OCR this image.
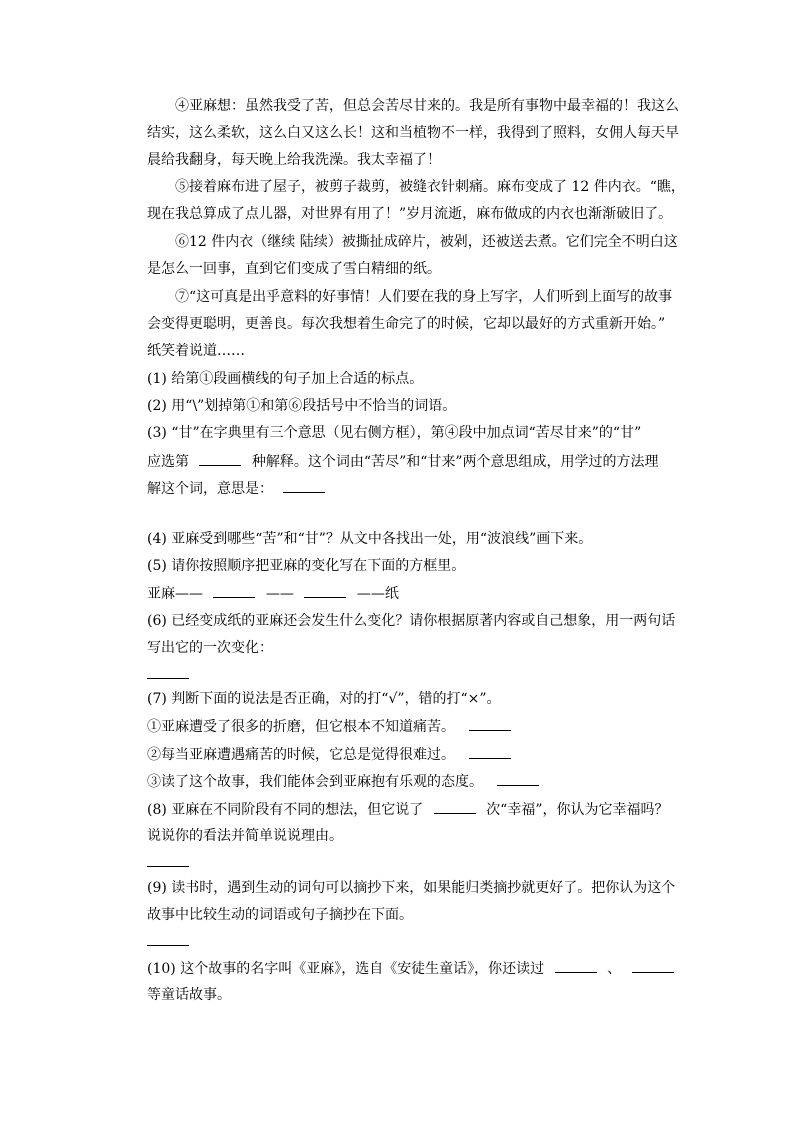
④亚麻想：虽然我受了苦，但总会苦尽甘来的。我是所有事物中最幸福的！我这么
结实，这么柔软，这么白又这么长！这和当植物不一样，我得到了照料，女佣人每天早
晨给我翻身，每天晚上给我洗澡。我太幸福了！
⑤接着麻布进了屋子，被剪子裁剪，被缝衣针刺痛。麻布变成了 12 件内衣。“瞧，
现在我总算成了点儿器，对世界有用了！”岁月流逝，麻布做成的内衣也渐渐破旧了。
⑥12 件内衣（继续 陆续）被撕扯成碎片，被剁，还被送去煮。它们完全不明白这
是怎么一回事，直到它们变成了雪白精细的纸。
⑦“这可真是出乎意料的好事情！人们要在我的身上写字，人们听到上面写的故事
会变得更聪明，更善良。每次我想着生命完了的时候，它却以最好的方式重新开始。”
纸笑着说道……
(1) 给第①段画横线的句子加上合适的标点。
(2) 用“\”划掉第①和第⑥段括号中不恰当的词语。
(3) “甘”在字典里有三个意思（见右侧方框），第④段中加点词“苦尽甘来”的“甘”
应选第	种解释。这个词由“苦尽”和“甘来”两个意思组成，用学过的方法理
解这个词，意思是：
(4) 亚麻受到哪些“苦”和“甘”？从文中各找出一处，用“波浪线”画下来。
(5) 请你按照顺序把亚麻的变化写在下面的方框里。
亚麻——	——	——纸
(6) 已经变成纸的亚麻还会发生什么变化？请你根据原著内容或自己想象，用一两句话
写出它的一次变化：
(7) 判断下面的说法是否正确，对的打“√”，错的打“×”。
①亚麻遭受了很多的折磨，但它根本不知道痛苦。
②每当亚麻遭遇痛苦的时候，它总是觉得很难过。
③读了这个故事，我们能体会到亚麻抱有乐观的态度。
(8) 亚麻在不同阶段有不同的想法，但它说了	次“幸福”，你认为它幸福吗？
说说你的看法并简单说说理由。
(9) 读书时，遇到生动的词句可以摘抄下来，如果能归类摘抄就更好了。把你认为这个
故事中比较生动的词语或句子摘抄在下面。
(10) 这个故事的名字叫《亚麻》，选自《安徒生童话》，你还读过	、
等童话故事。
